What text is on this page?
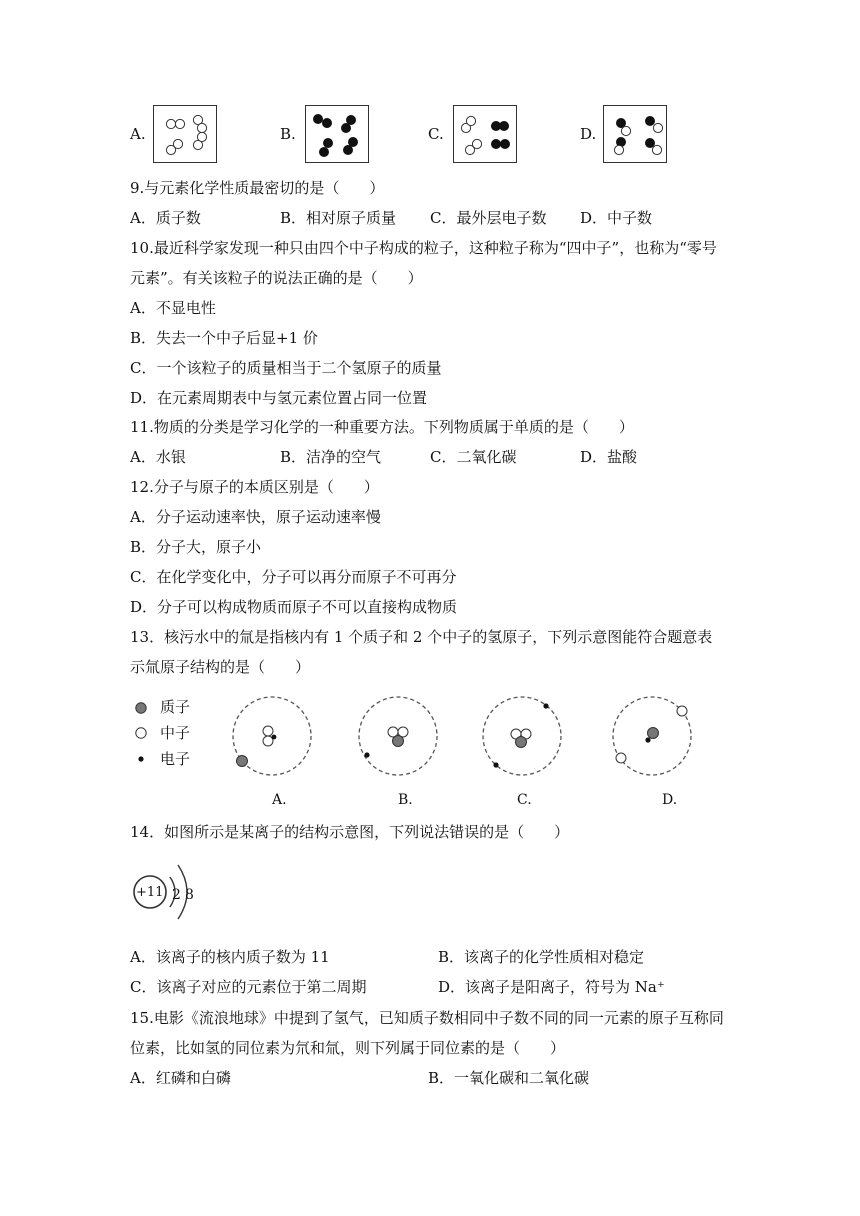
A.	B.	C.	D.
9.与元素化学性质最密切的是（　　）
A．质子数	B．相对原子质量 C．最外层电子数 D．中子数
10.最近科学家发现一种只由四个中子构成的粒子，这种粒子称为“四中子”，也称为“零号
元素”。有关该粒子的说法正确的是（　　）
A．不显电性
B．失去一个中子后显+1 价
C．一个该粒子的质量相当于二个氢原子的质量
D．在元素周期表中与氢元素位置占同一位置
11.物质的分类是学习化学的一种重要方法。下列物质属于单质的是（　　）
A．水银	B．洁净的空气	C．二氧化碳	D．盐酸
12.分子与原子的本质区别是（　　）
A．分子运动速率快，原子运动速率慢
B．分子大，原子小
C．在化学变化中，分子可以再分而原子不可再分
D．分子可以构成物质而原子不可以直接构成物质
13．核污水中的氚是指核内有 1 个质子和 2 个中子的氢原子，下列示意图能符合题意表
示氚原子结构的是（　　）
质子
中子
电子
A.	B.	C.	D.
14．如图所示是某离子的结构示意图，下列说法错误的是（　　）
+11 2 8
A．该离子的核内质子数为 11	B．该离子的化学性质相对稳定
C．该离子对应的元素位于第二周期	D．该离子是阳离子，符号为 Na⁺
15.电影《流浪地球》中提到了氢气，已知质子数相同中子数不同的同一元素的原子互称同
位素，比如氢的同位素为氘和氚，则下列属于同位素的是（　　）
A．红磷和白磷	B．一氧化碳和二氧化碳
